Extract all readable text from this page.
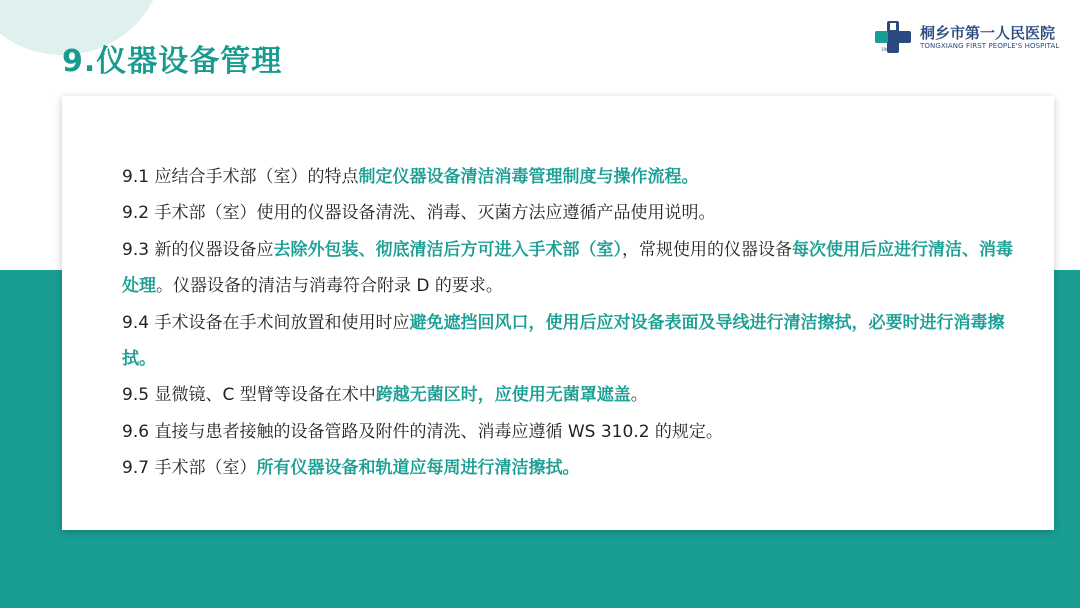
9.仪器设备管理	1902
桐乡市第一人民医院
TONGXIANG FIRST PEOPLE'S HOSPITAL

9.1 应结合手术部（室）的特点制定仪器设备清洁消毒管理制度与操作流程。

9.2 手术部（室）使用的仪器设备清洗、消毒、灭菌方法应遵循产品使用说明。

9.3 新的仪器设备应去除外包装、彻底清洁后方可进入手术部（室），常规使用的仪器设备每次使用后应进行清洁、消毒处理。仪器设备的清洁与消毒符合附录 D 的要求。

9.4 手术设备在手术间放置和使用时应避免遮挡回风口，使用后应对设备表面及导线进行清洁擦拭，必要时进行消毒擦拭。

9.5 显微镜、C 型臂等设备在术中跨越无菌区时，应使用无菌罩遮盖。

9.6 直接与患者接触的设备管路及附件的清洗、消毒应遵循 WS 310.2 的规定。

9.7 手术部（室）所有仪器设备和轨道应每周进行清洁擦拭。
